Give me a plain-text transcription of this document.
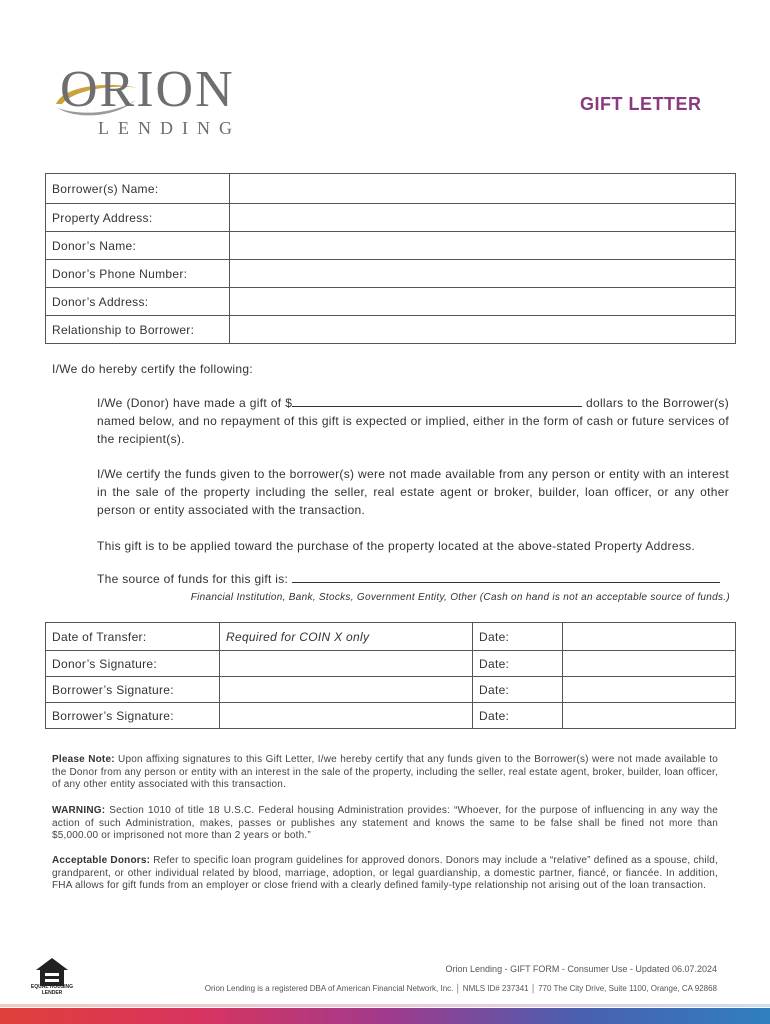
ORION
LENDING
GIFT LETTER
Borrower(s) Name:	
Property Address:	
Donor’s Name:	
Donor’s Phone Number:	
Donor’s Address:	
Relationship to Borrower:	
I/We do hereby certify the following:
I/We (Donor) have made a gift of $	dollars to the Borrower(s) named below, and no repayment of this gift is expected or implied, either in the form of cash or future services of the recipient(s).
I/We certify the funds given to the borrower(s) were not made available from any person or entity with an interest in the sale of the property including the seller, real estate agent or broker, builder, loan officer, or any other person or entity associated with the transaction.
This gift is to be applied toward the purchase of the property located at the above-stated Property Address.
The source of funds for this gift is:
Financial Institution, Bank, Stocks, Government Entity, Other (Cash on hand is not an acceptable source of funds.)
Date of Transfer:	Required for COIN X only	Date:	
Donor’s Signature:		Date:	
Borrower’s Signature:		Date:	
Borrower’s Signature:		Date:	
Please Note: Upon affixing signatures to this Gift Letter, I/we hereby certify that any funds given to the Borrower(s) were not made available to the Donor from any person or entity with an interest in the sale of the property, including the seller, real estate agent, broker, builder, loan officer, of any other entity associated with this transaction.
WARNING: Section 1010 of title 18 U.S.C. Federal housing Administration provides: “Whoever, for the purpose of influencing in any way the action of such Administration, makes, passes or publishes any statement and knows the same to be false shall be fined not more than $5,000.00 or imprisoned not more than 2 years or both.”
Acceptable Donors: Refer to specific loan program guidelines for approved donors. Donors may include a “relative” defined as a spouse, child, grandparent, or other individual related by blood, marriage, adoption, or legal guardianship, a domestic partner, fiancé, or fiancée. In addition, FHA allows for gift funds from an employer or close friend with a clearly defined family-type relationship not arising out of the loan transaction.
EQUAL HOUSING LENDER
Orion Lending - GIFT FORM - Consumer Use - Updated 06.07.2024
Orion Lending is a registered DBA of American Financial Network, Inc. │ NMLS ID# 237341 │ 770 The City Drive, Suite 1100, Orange, CA 92868
